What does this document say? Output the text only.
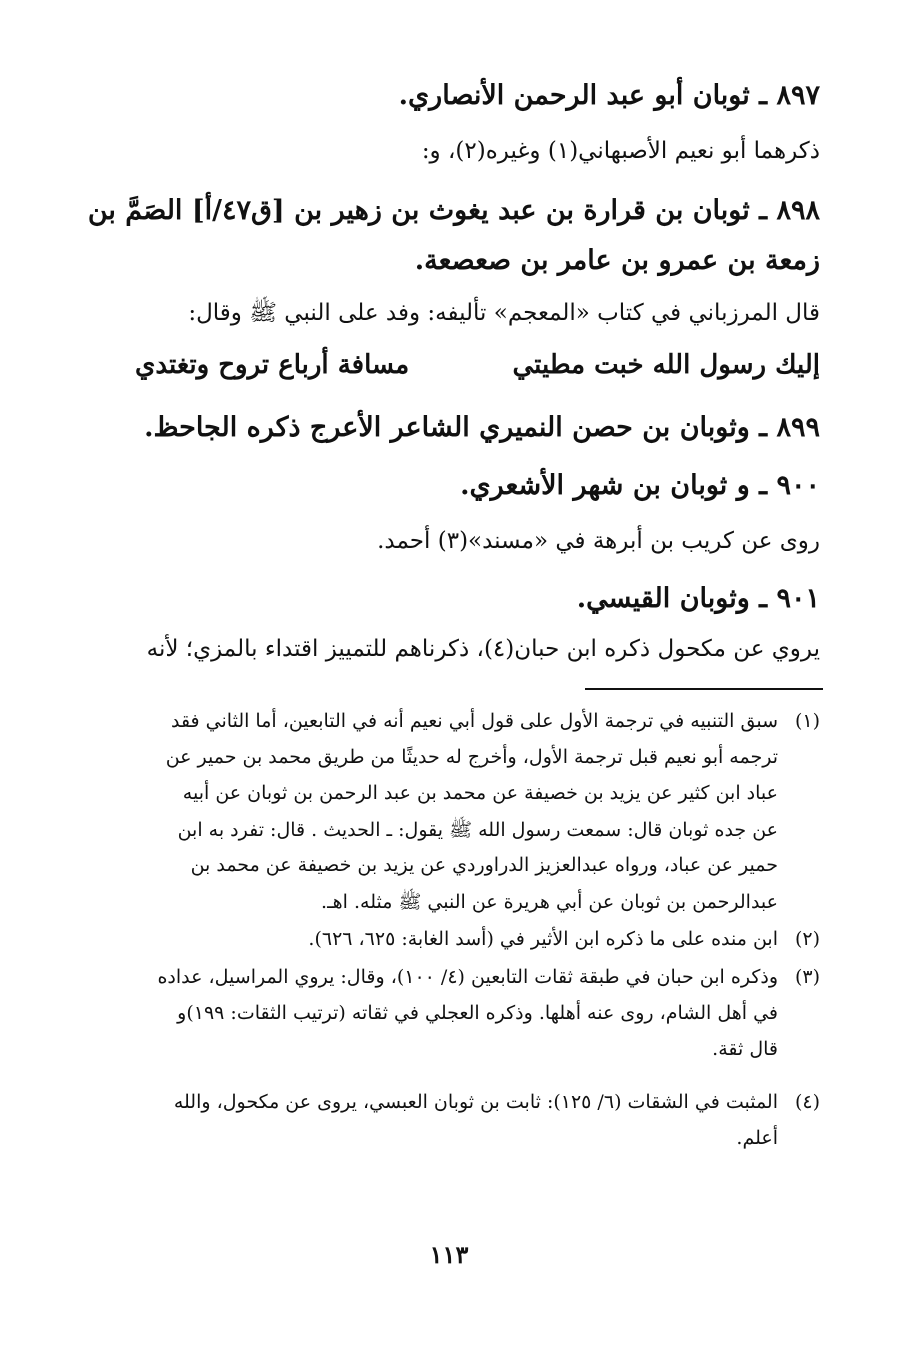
٨٩٧ ـ ثوبان أبو عبد الرحمن الأنصاري.
ذكرهما أبو نعيم الأصبهاني(١) وغيره(٢)، و:
٨٩٨ ـ ثوبان بن قرارة بن عبد يغوث بن زهير بن [ق٤٧/أ] الصَمَّ بن
زمعة بن عمرو بن عامر بن صعصعة.
قال المرزباني في كتاب «المعجم» تأليفه: وفد على النبي ﷺ وقال:
إليك رسول الله خبت مطيتي
مسافة أرباع تروح وتغتدي
٨٩٩ ـ وثوبان بن حصن النميري الشاعر الأعرج ذكره الجاحظ.
٩٠٠ ـ و ثوبان بن شهر الأشعري.
روى عن كريب بن أبرهة في «مسند»(٣) أحمد.
٩٠١ ـ وثوبان القيسي.
يروي عن مكحول ذكره ابن حبان(٤)، ذكرناهم للتمييز اقتداء بالمزي؛ لأنه
(١)
سبق التنبيه في ترجمة الأول على قول أبي نعيم أنه في التابعين، أما الثاني فقد
ترجمه أبو نعيم قبل ترجمة الأول، وأخرج له حديثًا من طريق محمد بن حمير عن
عباد ابن كثير عن يزيد بن خصيفة عن محمد بن عبد الرحمن بن ثوبان عن أبيه
عن جده ثوبان قال: سمعت رسول الله ﷺ يقول: ـ الحديث . قال: تفرد به ابن
حمير عن عباد، ورواه عبدالعزيز الدراوردي عن يزيد بن خصيفة عن محمد بن
عبدالرحمن بن ثوبان عن أبي هريرة عن النبي ﷺ مثله. اهـ.
(٢)
ابن منده على ما ذكره ابن الأثير في (أسد الغابة: ٦٢٥، ٦٢٦).
(٣)
وذكره ابن حبان في طبقة ثقات التابعين (٤/ ١٠٠)، وقال: يروي المراسيل، عداده
في أهل الشام، روى عنه أهلها. وذكره العجلي في ثقاته (ترتيب الثقات: ١٩٩)و
قال ثقة.
(٤)
المثبت في الشقات (٦/ ١٢٥): ثابت بن ثوبان العبسي، يروى عن مكحول، والله
أعلم.
١١٣
